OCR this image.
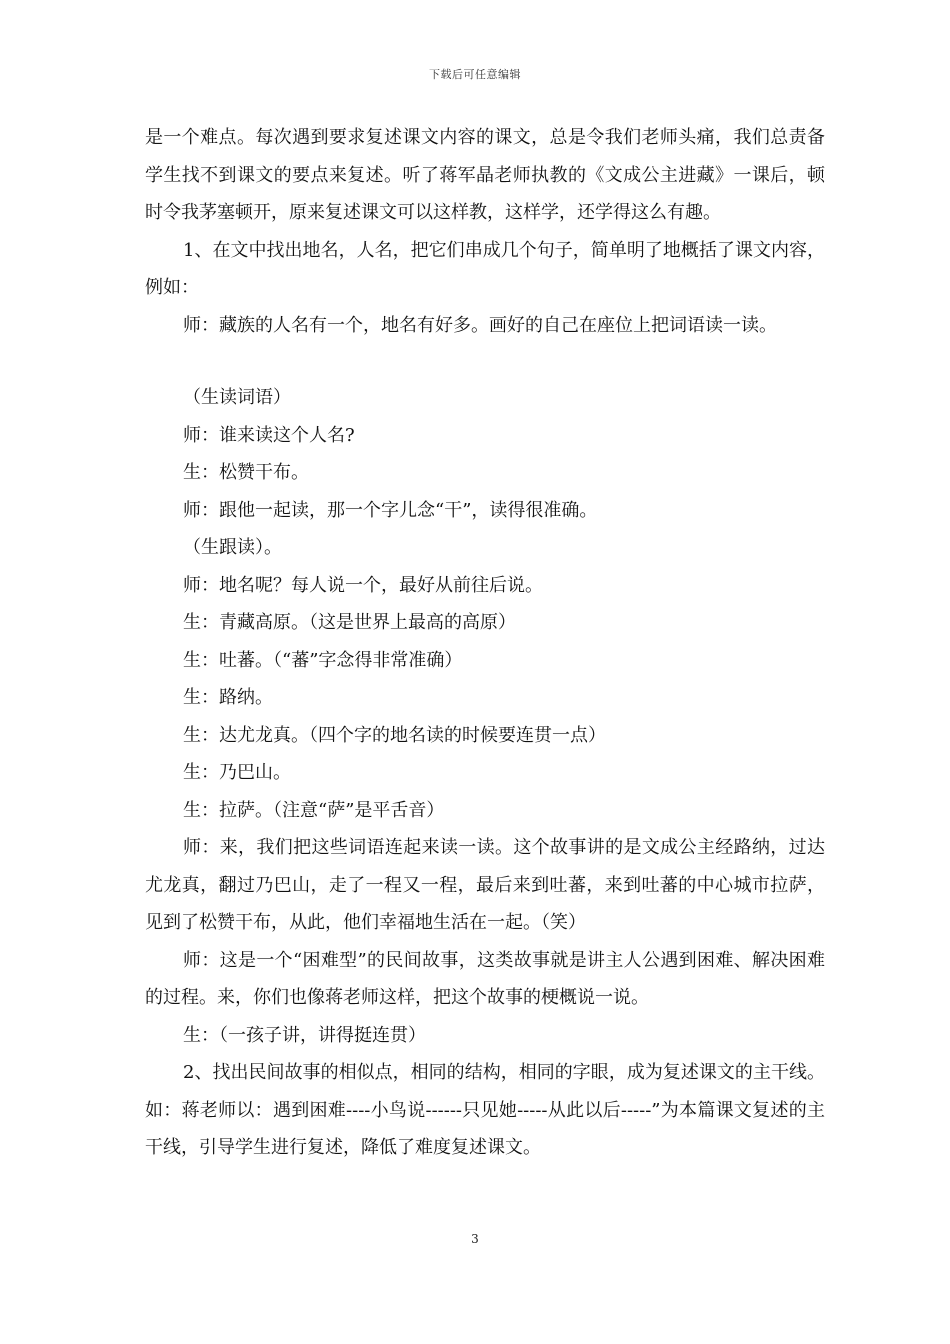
下载后可任意编辑

是一个难点。每次遇到要求复述课文内容的课文，总是令我们老师头痛，我们总责备学生找不到课文的要点来复述。听了蒋军晶老师执教的《文成公主进藏》一课后，顿时令我茅塞顿开，原来复述课文可以这样教，这样学，还学得这么有趣。

1、在文中找出地名，人名，把它们串成几个句子，简单明了地概括了课文内容，例如：

师：藏族的人名有一个，地名有好多。画好的自己在座位上把词语读一读。

（生读词语）

师：谁来读这个人名?

生：松赞干布。

师：跟他一起读，那一个字儿念“干”，读得很准确。

（生跟读）。

师：地名呢？每人说一个，最好从前往后说。

生：青藏高原。（这是世界上最高的高原）

生：吐蕃。（“蕃”字念得非常准确）

生：路纳。

生：达尤龙真。（四个字的地名读的时候要连贯一点）

生：乃巴山。

生：拉萨。（注意“萨”是平舌音）

师：来，我们把这些词语连起来读一读。这个故事讲的是文成公主经路纳，过达尤龙真，翻过乃巴山，走了一程又一程，最后来到吐蕃，来到吐蕃的中心城市拉萨，见到了松赞干布，从此，他们幸福地生活在一起。（笑）

师：这是一个“困难型”的民间故事，这类故事就是讲主人公遇到困难、解决困难的过程。来，你们也像蒋老师这样，把这个故事的梗概说一说。

生：（一孩子讲，讲得挺连贯）

2、找出民间故事的相似点，相同的结构，相同的字眼，成为复述课文的主干线。如：蒋老师以：遇到困难----小鸟说------只见她-----从此以后-----”为本篇课文复述的主干线，引导学生进行复述，降低了难度复述课文。

3
